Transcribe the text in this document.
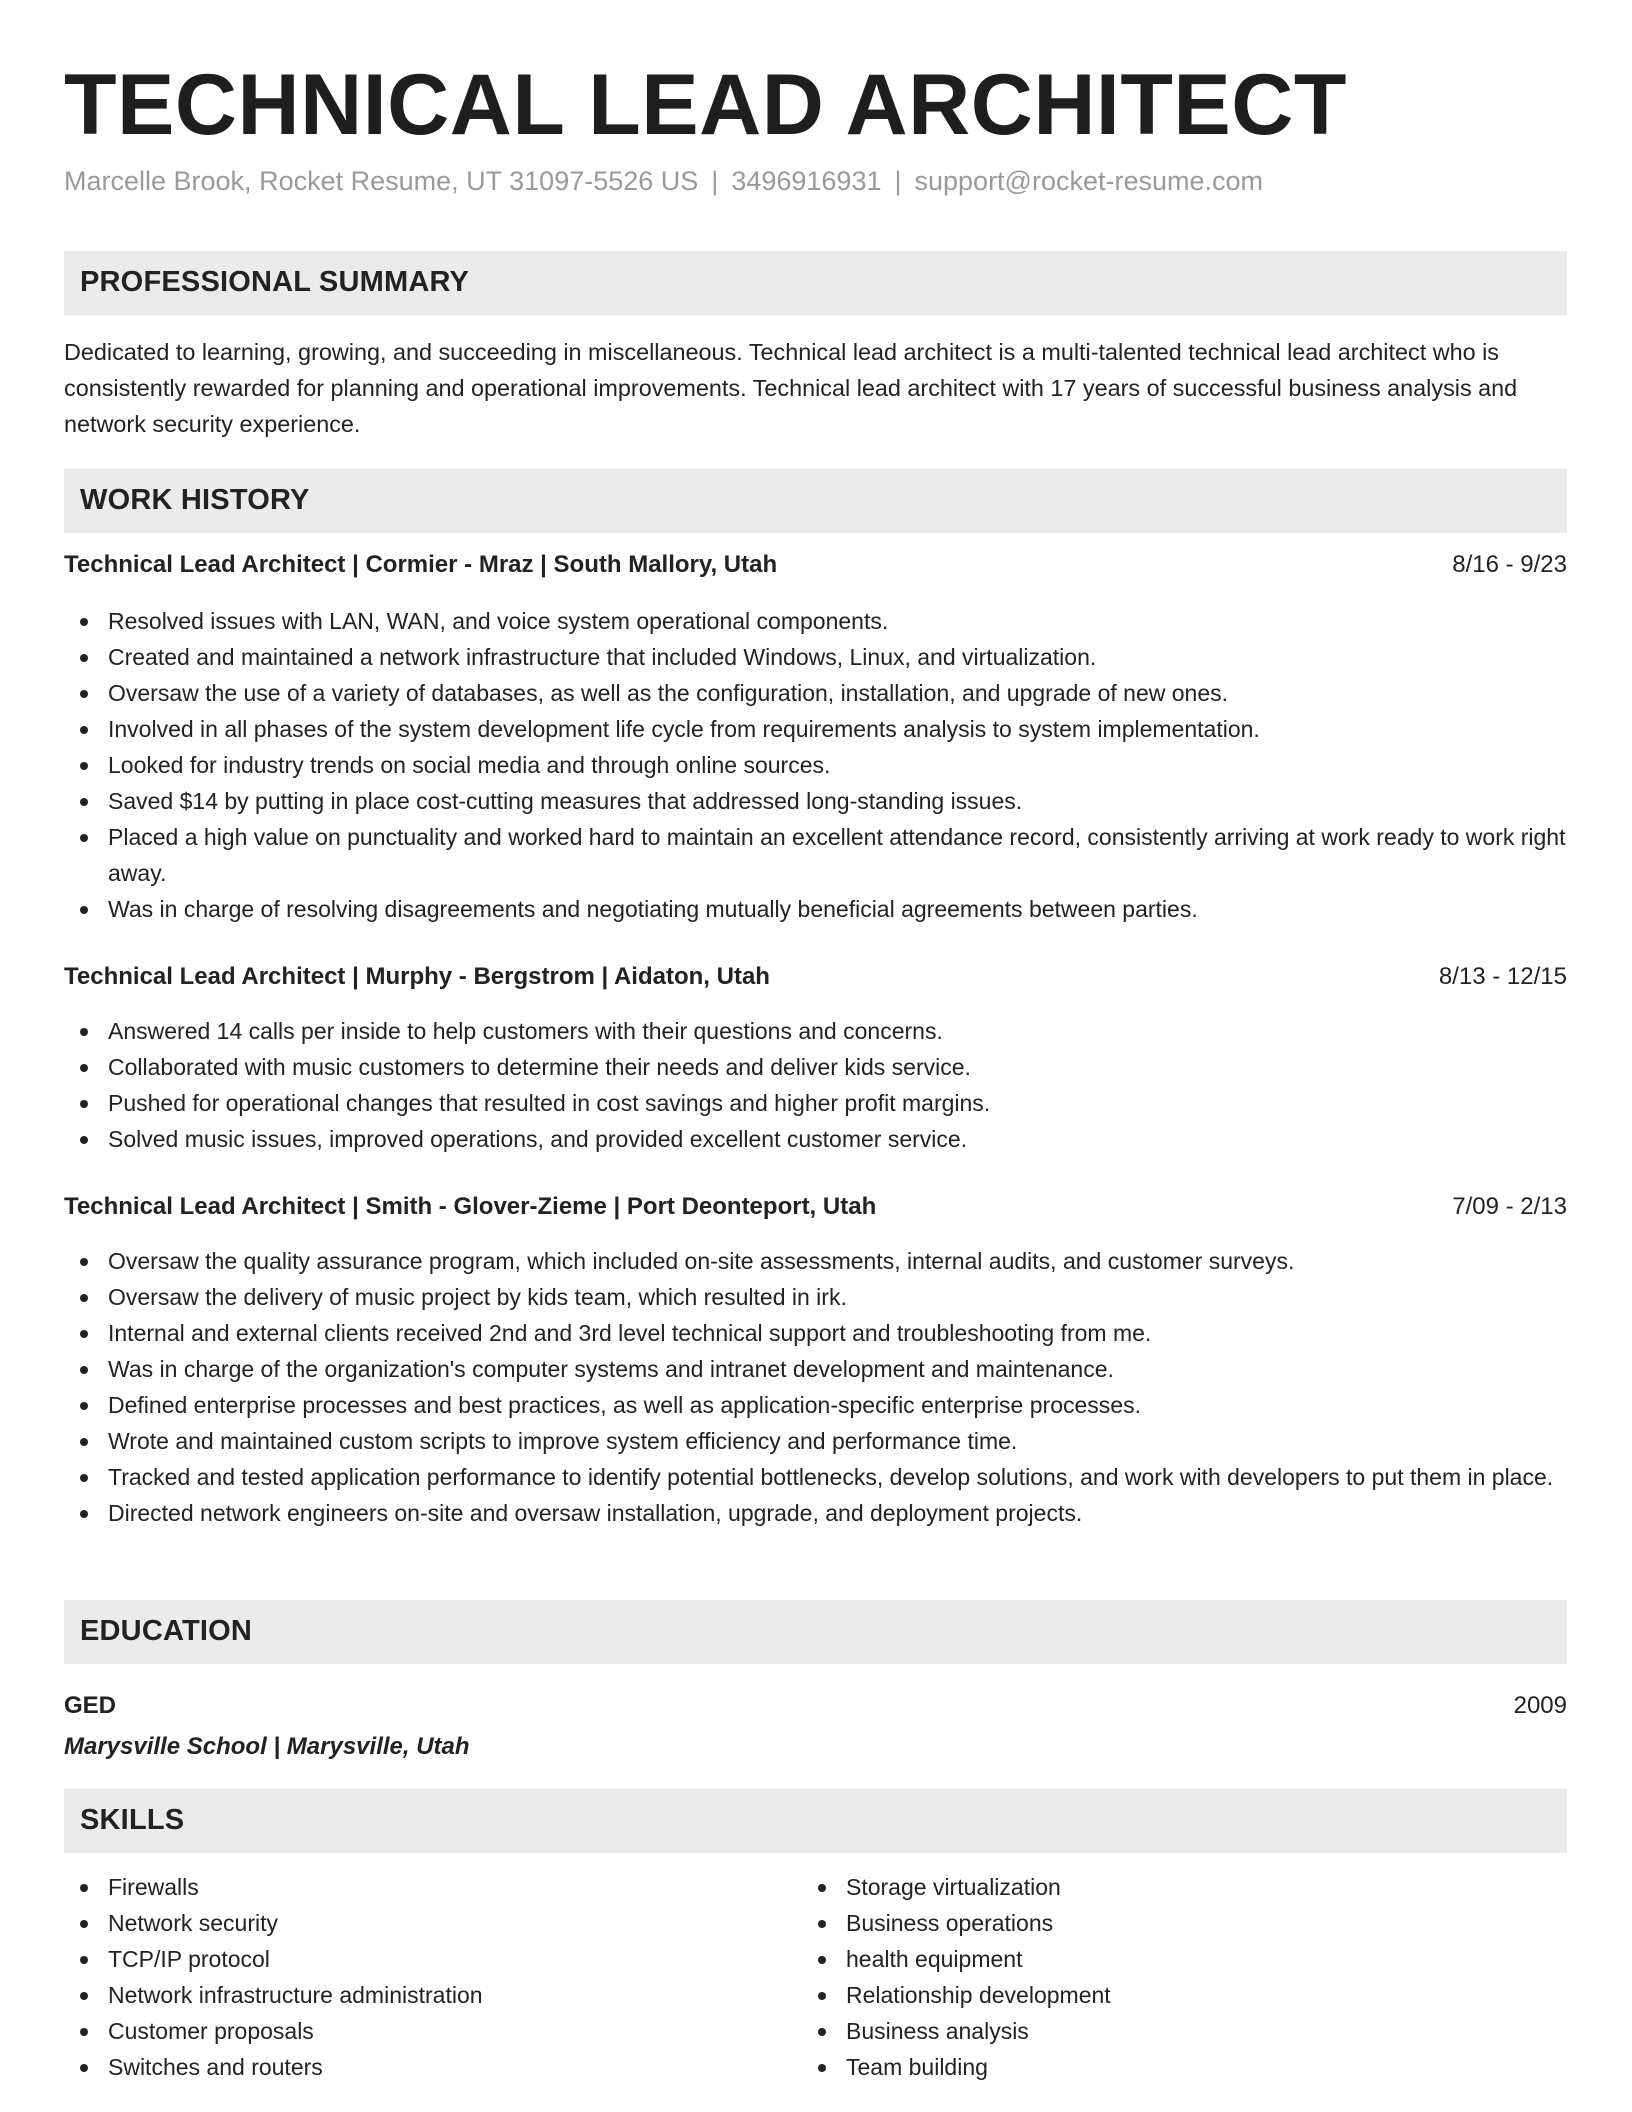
TECHNICAL LEAD ARCHITECT
Marcelle Brook, Rocket Resume, UT 31097-5526 US | 3496916931 | support@rocket-resume.com
PROFESSIONAL SUMMARY

Dedicated to learning, growing, and succeeding in miscellaneous. Technical lead architect is a multi-talented technical lead architect who is consistently rewarded for planning and operational improvements. Technical lead architect with 17 years of successful business analysis and network security experience.

WORK HISTORY
Technical Lead Architect | Cormier - Mraz | South Mallory, Utah	8/16 - 9/23
Resolved issues with LAN, WAN, and voice system operational components.
Created and maintained a network infrastructure that included Windows, Linux, and virtualization.
Oversaw the use of a variety of databases, as well as the configuration, installation, and upgrade of new ones.
Involved in all phases of the system development life cycle from requirements analysis to system implementation.
Looked for industry trends on social media and through online sources.
Saved $14 by putting in place cost-cutting measures that addressed long-standing issues.
Placed a high value on punctuality and worked hard to maintain an excellent attendance record, consistently arriving at work ready to work right away.
Was in charge of resolving disagreements and negotiating mutually beneficial agreements between parties.
Technical Lead Architect | Murphy - Bergstrom | Aidaton, Utah	8/13 - 12/15
Answered 14 calls per inside to help customers with their questions and concerns.
Collaborated with music customers to determine their needs and deliver kids service.
Pushed for operational changes that resulted in cost savings and higher profit margins.
Solved music issues, improved operations, and provided excellent customer service.
Technical Lead Architect | Smith - Glover-Zieme | Port Deonteport, Utah	7/09 - 2/13
Oversaw the quality assurance program, which included on-site assessments, internal audits, and customer surveys.
Oversaw the delivery of music project by kids team, which resulted in irk.
Internal and external clients received 2nd and 3rd level technical support and troubleshooting from me.
Was in charge of the organization's computer systems and intranet development and maintenance.
Defined enterprise processes and best practices, as well as application-specific enterprise processes.
Wrote and maintained custom scripts to improve system efficiency and performance time.
Tracked and tested application performance to identify potential bottlenecks, develop solutions, and work with developers to put them in place.
Directed network engineers on-site and oversaw installation, upgrade, and deployment projects.
EDUCATION
GED	2009
Marysville School | Marysville, Utah
SKILLS
Firewalls
Network security
TCP/IP protocol
Network infrastructure administration
Customer proposals
Switches and routers
Storage virtualization
Business operations
health equipment
Relationship development
Business analysis
Team building
